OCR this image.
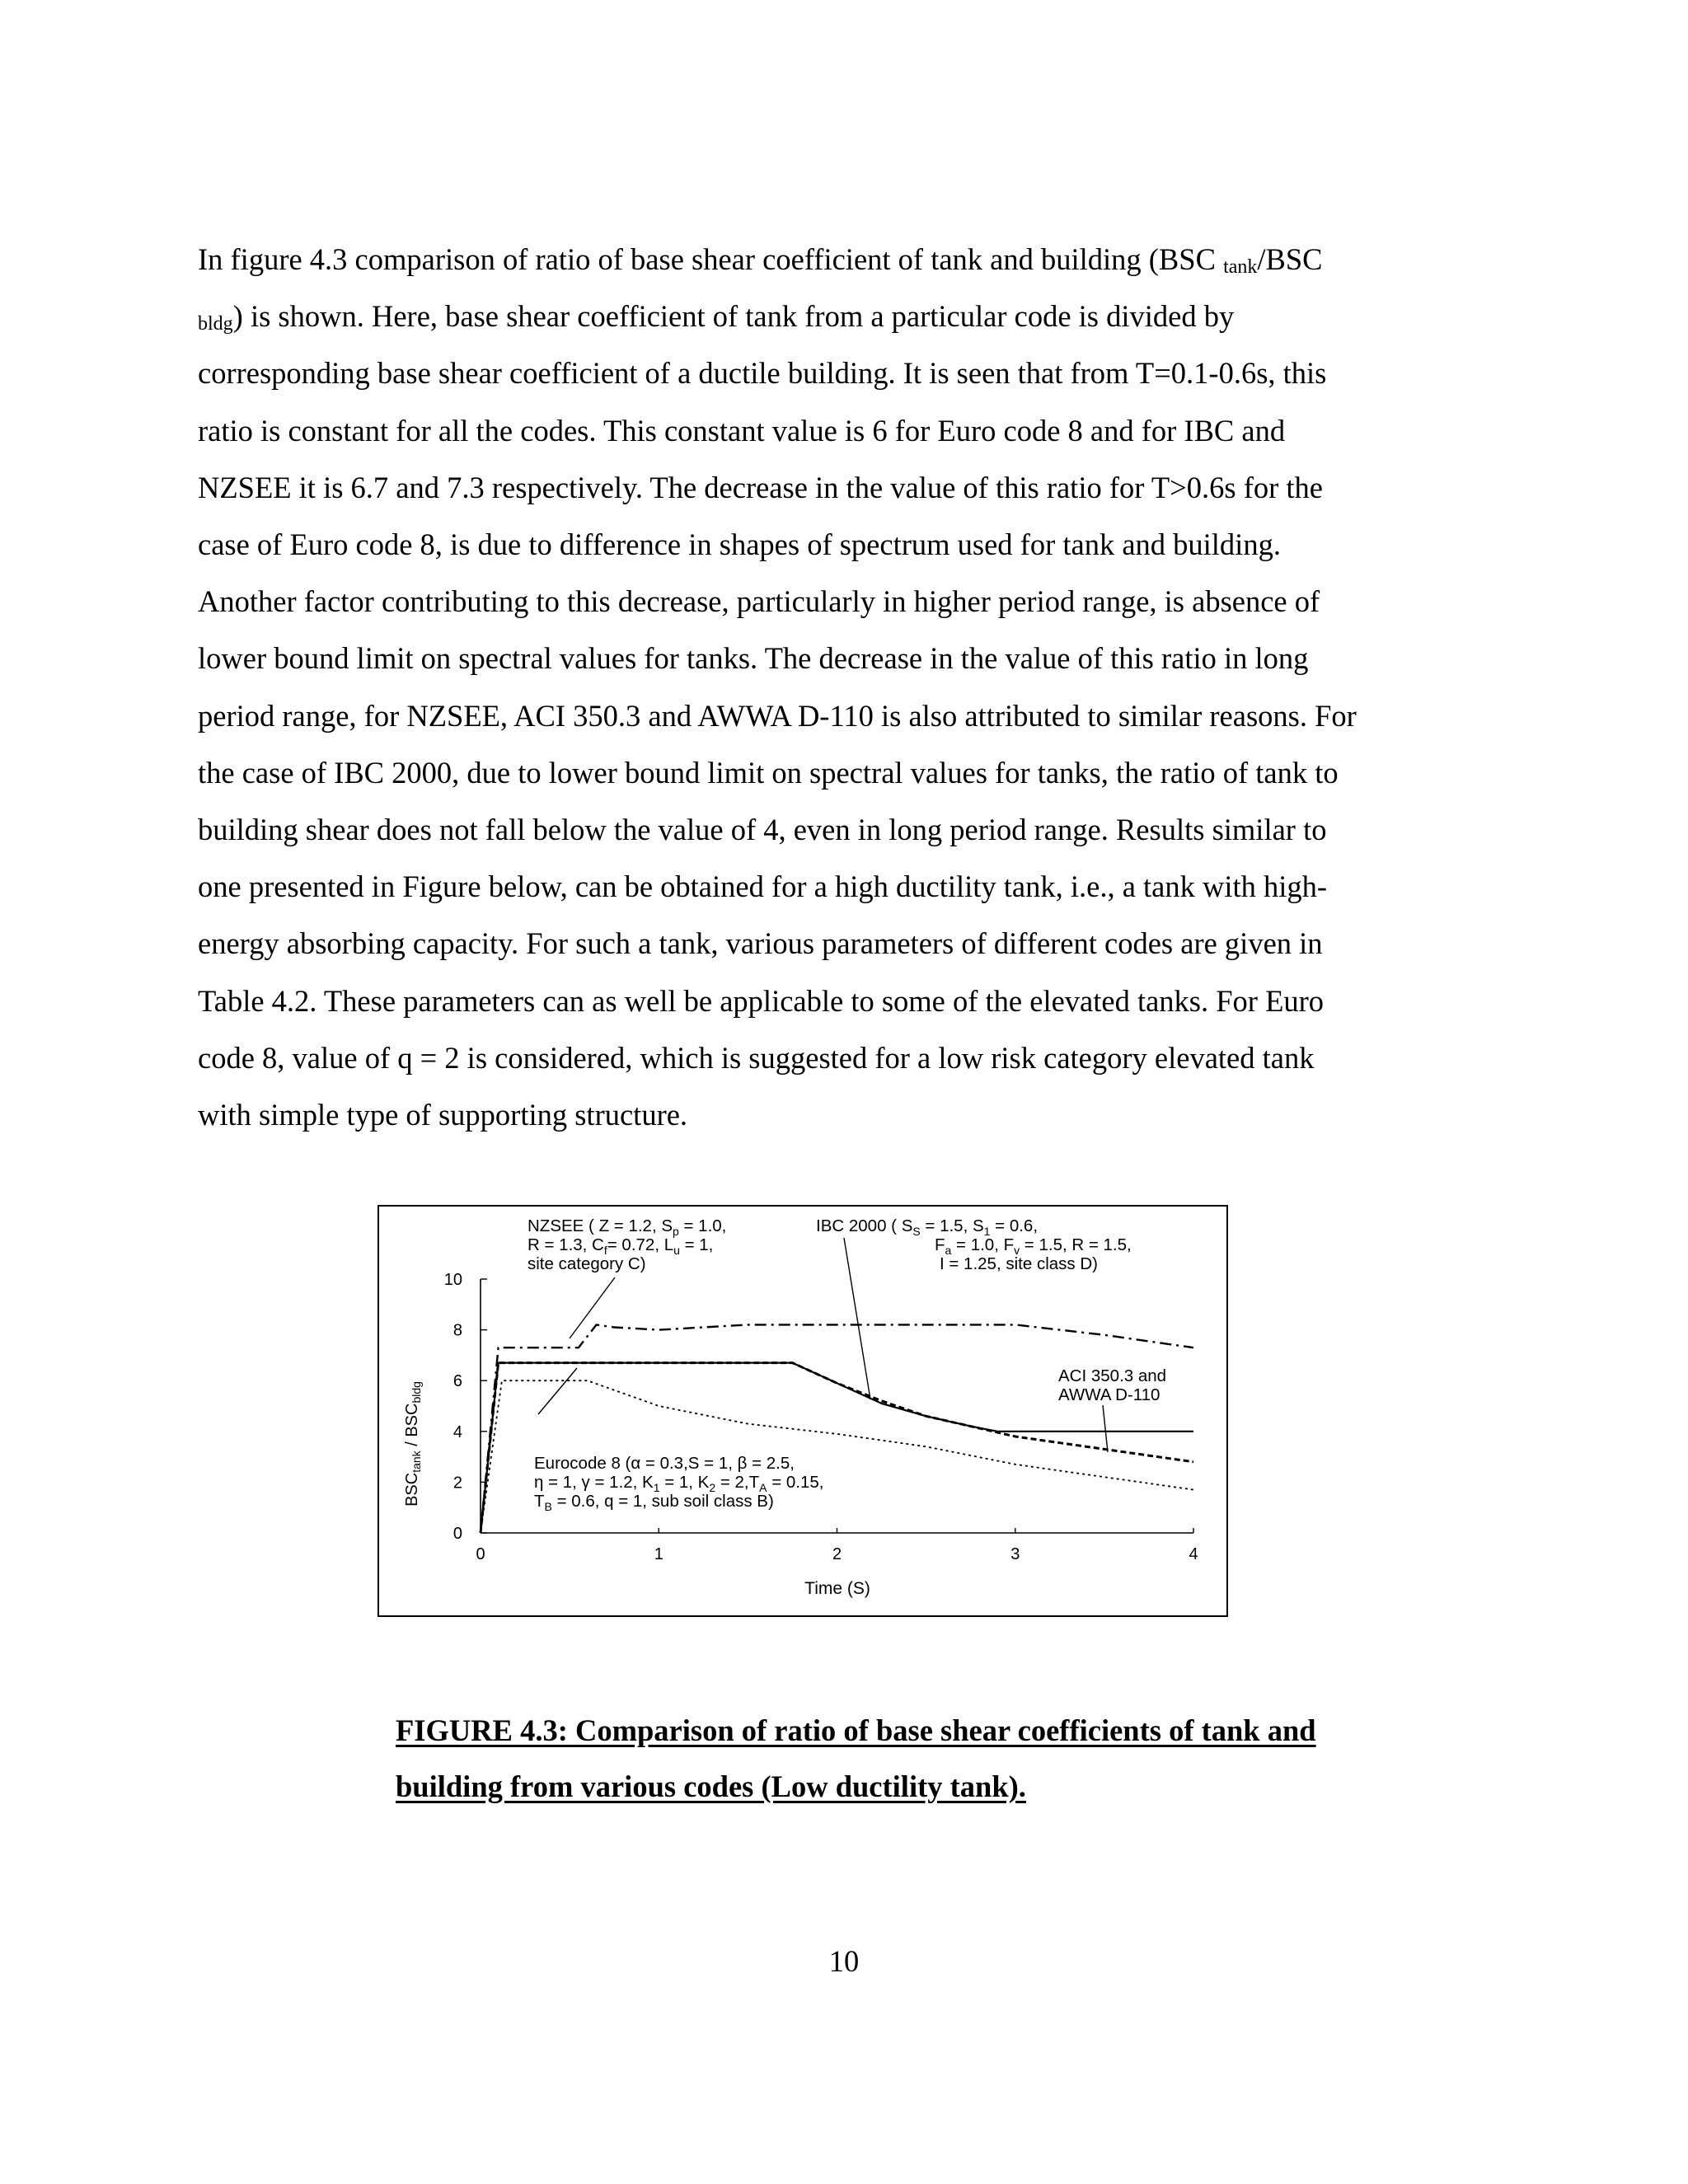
In figure 4.3 comparison of ratio of base shear coefficient of tank and building (BSC $_{tank}$/BSC
$_{bldg}$) is shown. Here, base shear coefficient of tank from a particular code is divided by
corresponding base shear coefficient of a ductile building. It is seen that from T=0.1-0.6s, this
ratio is constant for all the codes. This constant value is 6 for Euro code 8 and for IBC and
NZSEE it is 6.7 and 7.3 respectively. The decrease in the value of this ratio for T>0.6s for the
case of Euro code 8, is due to difference in shapes of spectrum used for tank and building.
Another factor contributing to this decrease, particularly in higher period range, is absence of
lower bound limit on spectral values for tanks. The decrease in the value of this ratio in long
period range, for NZSEE, ACI 350.3 and AWWA D-110 is also attributed to similar reasons. For
the case of IBC 2000, due to lower bound limit on spectral values for tanks, the ratio of tank to
building shear does not fall below the value of 4, even in long period range. Results similar to
one presented in Figure below, can be obtained for a high ductility tank, i.e., a tank with high-
energy absorbing capacity. For such a tank, various parameters of different codes are given in
Table 4.2. These parameters can as well be applicable to some of the elevated tanks. For Euro
code 8, value of q = 2 is considered, which is suggested for a low risk category elevated tank
with simple type of supporting structure.
0
2
4
6
8
10
0	1	2	3	4
$BSC_{tank} / BSC_{bldg}$
Time (S)
NZSEE ( Z = 1.2, $S_p = 1.0$,
R = 1.3, $C_f= 0.72$, $L_u = 1$,
site category C)
IBC 2000 ( $S_S = 1.5$, $S_1 = 0.6$,
$F_a = 1.0$, $F_v = 1.5$, R = 1.5,
I = 1.25, site class D)
ACI 350.3 and
AWWA D-110
Eurocode 8 (α = 0.3,S = 1, β = 2.5,
η = 1, γ = 1.2, $K_1 = 1$, $K_2 = 2,T_A = 0.15$,
$T_B = 0.6$, q = 1, sub soil class B)
FIGURE 4.3: Comparison of ratio of base shear coefficients of tank and
building from various codes (Low ductility tank).
10
